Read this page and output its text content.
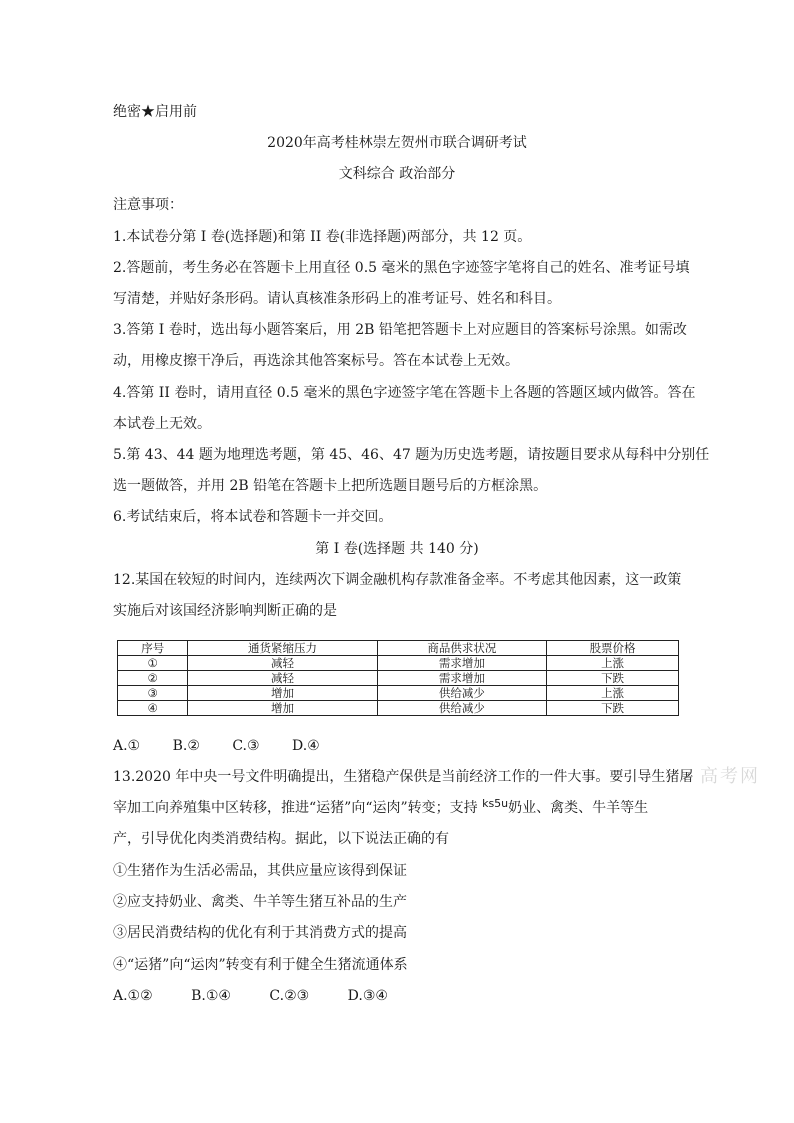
绝密★启用前
2020年高考桂林崇左贺州市联合调研考试
文科综合 政治部分
注意事项：
1.本试卷分第 I 卷(选择题)和第 II 卷(非选择题)两部分，共 12 页。
2.答题前，考生务必在答题卡上用直径 0.5 毫米的黑色字迹签字笔将自己的姓名、准考证号填
写清楚，并贴好条形码。请认真核准条形码上的准考证号、姓名和科目。
3.答第 I 卷时，选出每小题答案后，用 2B 铅笔把答题卡上对应题目的答案标号涂黑。如需改
动，用橡皮擦干净后，再选涂其他答案标号。答在本试卷上无效。
4.答第 II 卷时，请用直径 0.5 毫米的黑色字迹签字笔在答题卡上各题的答题区域内做答。答在
本试卷上无效。
5.第 43、44 题为地理选考题，第 45、46、47 题为历史选考题，请按题目要求从每科中分别任
选一题做答，并用 2B 铅笔在答题卡上把所选题目题号后的方框涂黑。
6.考试结束后，将本试卷和答题卡一并交回。
第 I 卷(选择题 共 140 分)
12.某国在较短的时间内，连续两次下调金融机构存款准备金率。不考虑其他因素，这一政策
实施后对该国经济影响判断正确的是
序号	通货紧缩压力	商品供求状况	股票价格
①	减轻	需求增加	上涨
②	减轻	需求增加	下跌
③	增加	供给减少	上涨
④	增加	供给减少	下跌
A.① B.② C.③ D.④
13.2020 年中央一号文件明确提出，生猪稳产保供是当前经济工作的一件大事。要引导生猪屠
宰加工向养殖集中区转移，推进“运猪”向“运肉”转变；支持 $^{ks5u}$奶业、禽类、牛羊等生
产，引导优化肉类消费结构。据此，以下说法正确的有
①生猪作为生活必需品，其供应量应该得到保证
②应支持奶业、禽类、牛羊等生猪互补品的生产
③居民消费结构的优化有利于其消费方式的提高
④“运猪”向“运肉”转变有利于健全生猪流通体系
A.①②	B.①④	C.②③	D.③④
高考网
